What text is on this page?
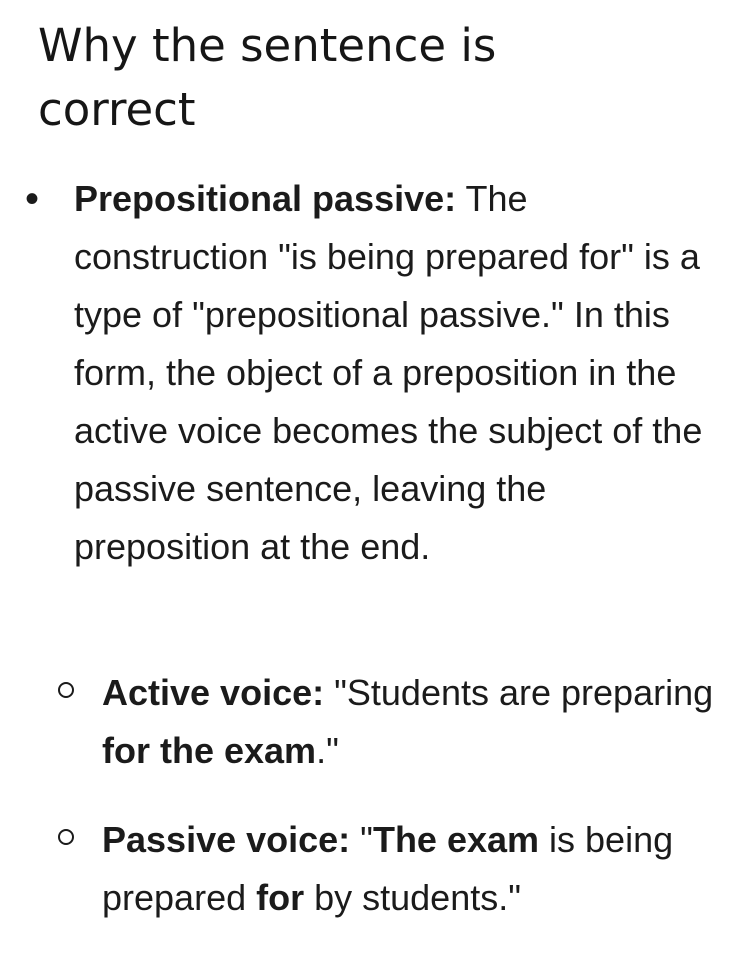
Why the sentence is correct
• Prepositional passive: The construction "is being prepared for" is a type of "prepositional passive." In this form, the object of a preposition in the active voice becomes the subject of the passive sentence, leaving the preposition at the end.

Active voice: "Students are preparing for the exam."

Passive voice: "The exam is being prepared for by students."
